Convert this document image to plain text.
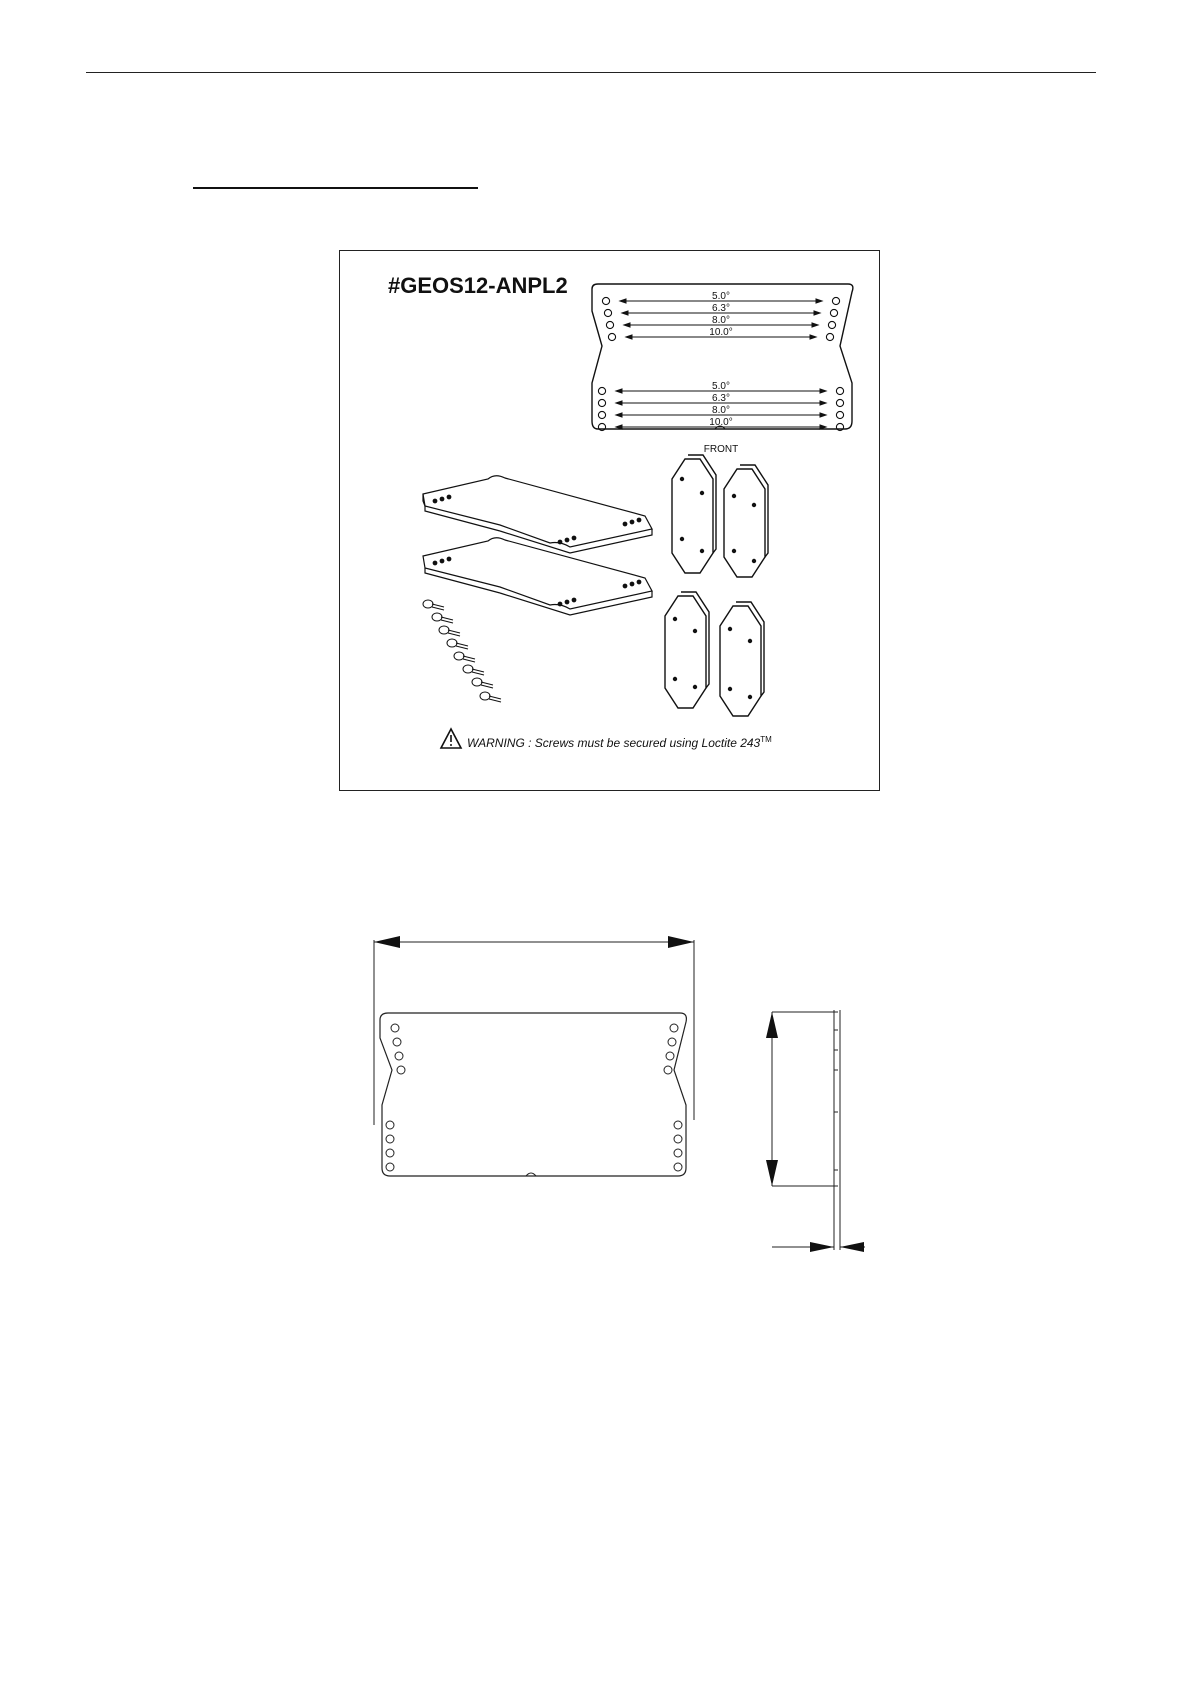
5.0°
6.3°
8.0°
10.0°
5.0°
6.3°
8.0°
10.0°
FRONT
#GEOS12-ANPL2
WARNING : Screws must be secured using Loctite 243™
